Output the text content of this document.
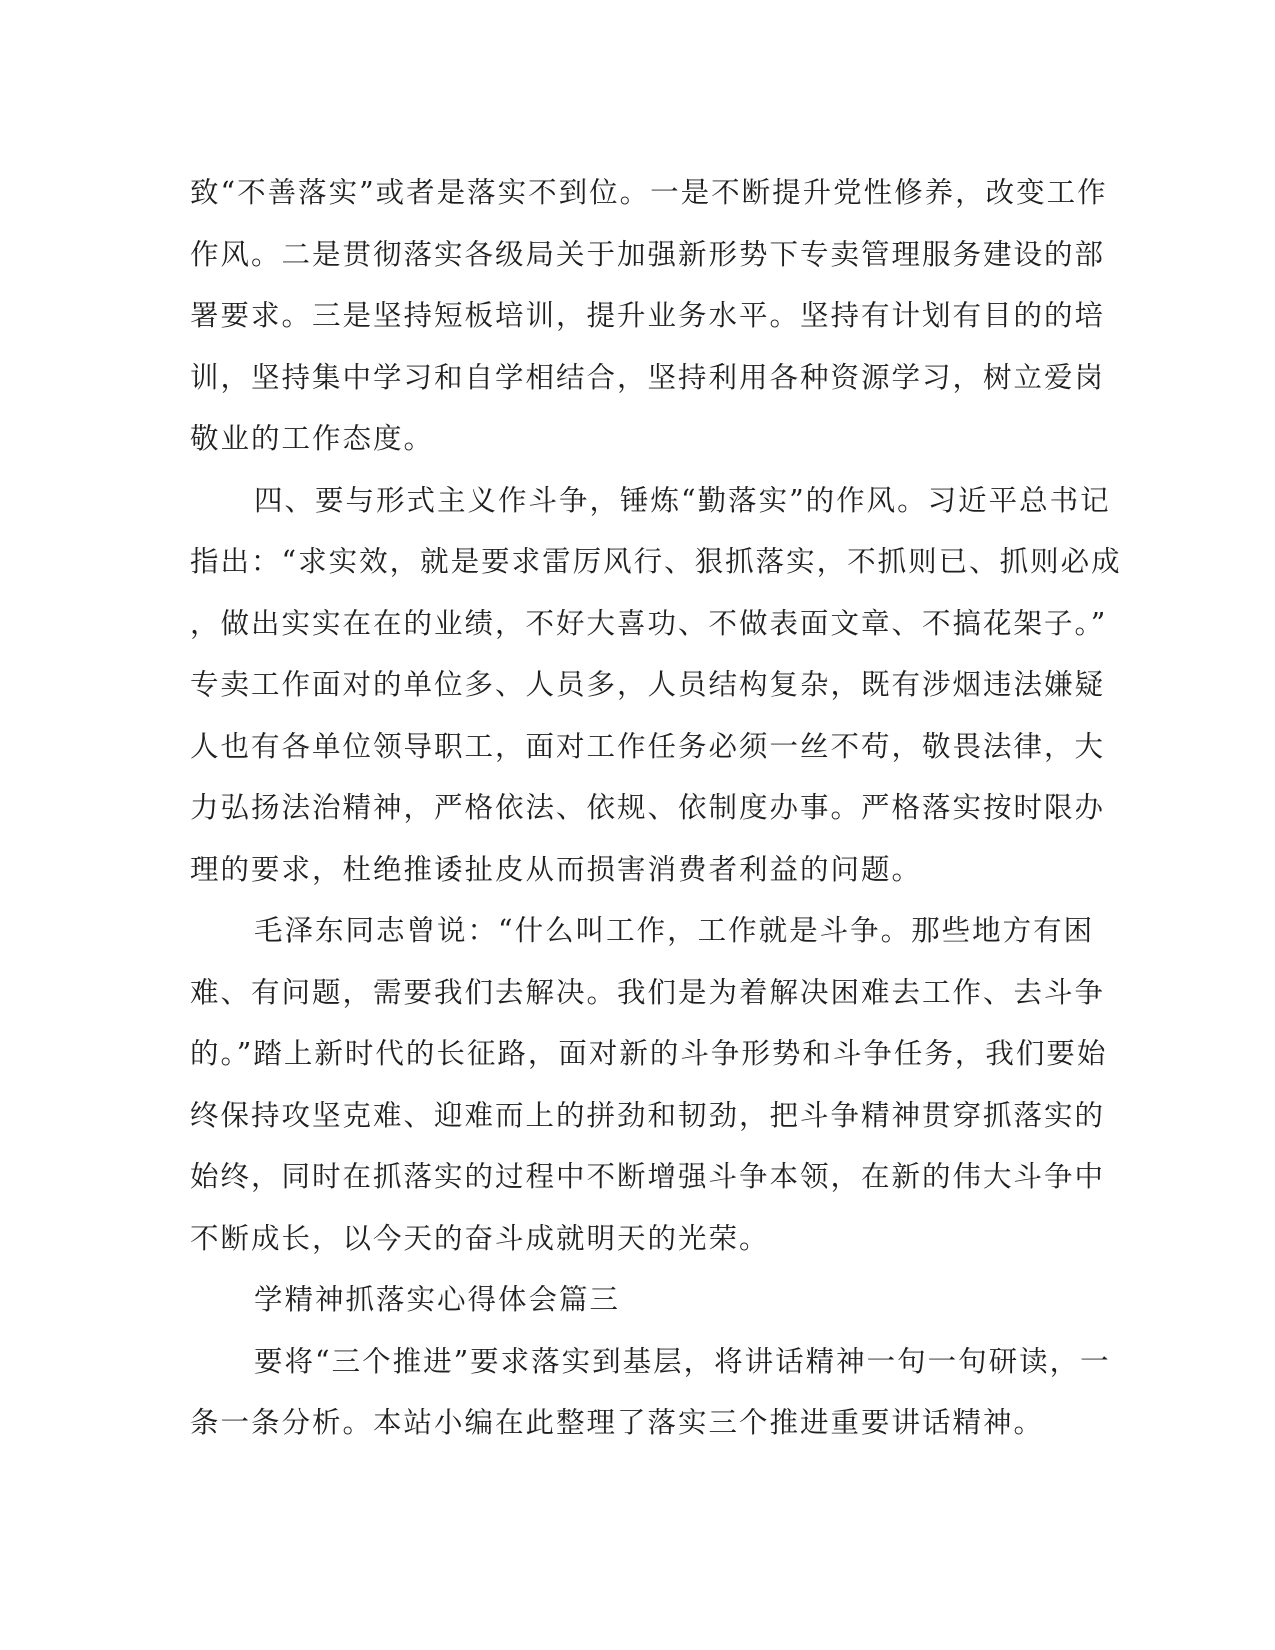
致“不善落实”或者是落实不到位。一是不断提升党性修养，改变工作
作风。二是贯彻落实各级局关于加强新形势下专卖管理服务建设的部
署要求。三是坚持短板培训，提升业务水平。坚持有计划有目的的培
训，坚持集中学习和自学相结合，坚持利用各种资源学习，树立爱岗
敬业的工作态度。
四、要与形式主义作斗争，锤炼“勤落实”的作风。习近平总书记
指出：“求实效，就是要求雷厉风行、狠抓落实，不抓则已、抓则必成
，做出实实在在的业绩，不好大喜功、不做表面文章、不搞花架子。”
专卖工作面对的单位多、人员多，人员结构复杂，既有涉烟违法嫌疑
人也有各单位领导职工，面对工作任务必须一丝不苟，敬畏法律，大
力弘扬法治精神，严格依法、依规、依制度办事。严格落实按时限办
理的要求，杜绝推诿扯皮从而损害消费者利益的问题。
毛泽东同志曾说：“什么叫工作，工作就是斗争。那些地方有困
难、有问题，需要我们去解决。我们是为着解决困难去工作、去斗争
的。”踏上新时代的长征路，面对新的斗争形势和斗争任务，我们要始
终保持攻坚克难、迎难而上的拼劲和韧劲，把斗争精神贯穿抓落实的
始终，同时在抓落实的过程中不断增强斗争本领，在新的伟大斗争中
不断成长，以今天的奋斗成就明天的光荣。
学精神抓落实心得体会篇三
要将“三个推进”要求落实到基层，将讲话精神一句一句研读，一
条一条分析。本站小编在此整理了落实三个推进重要讲话精神。
